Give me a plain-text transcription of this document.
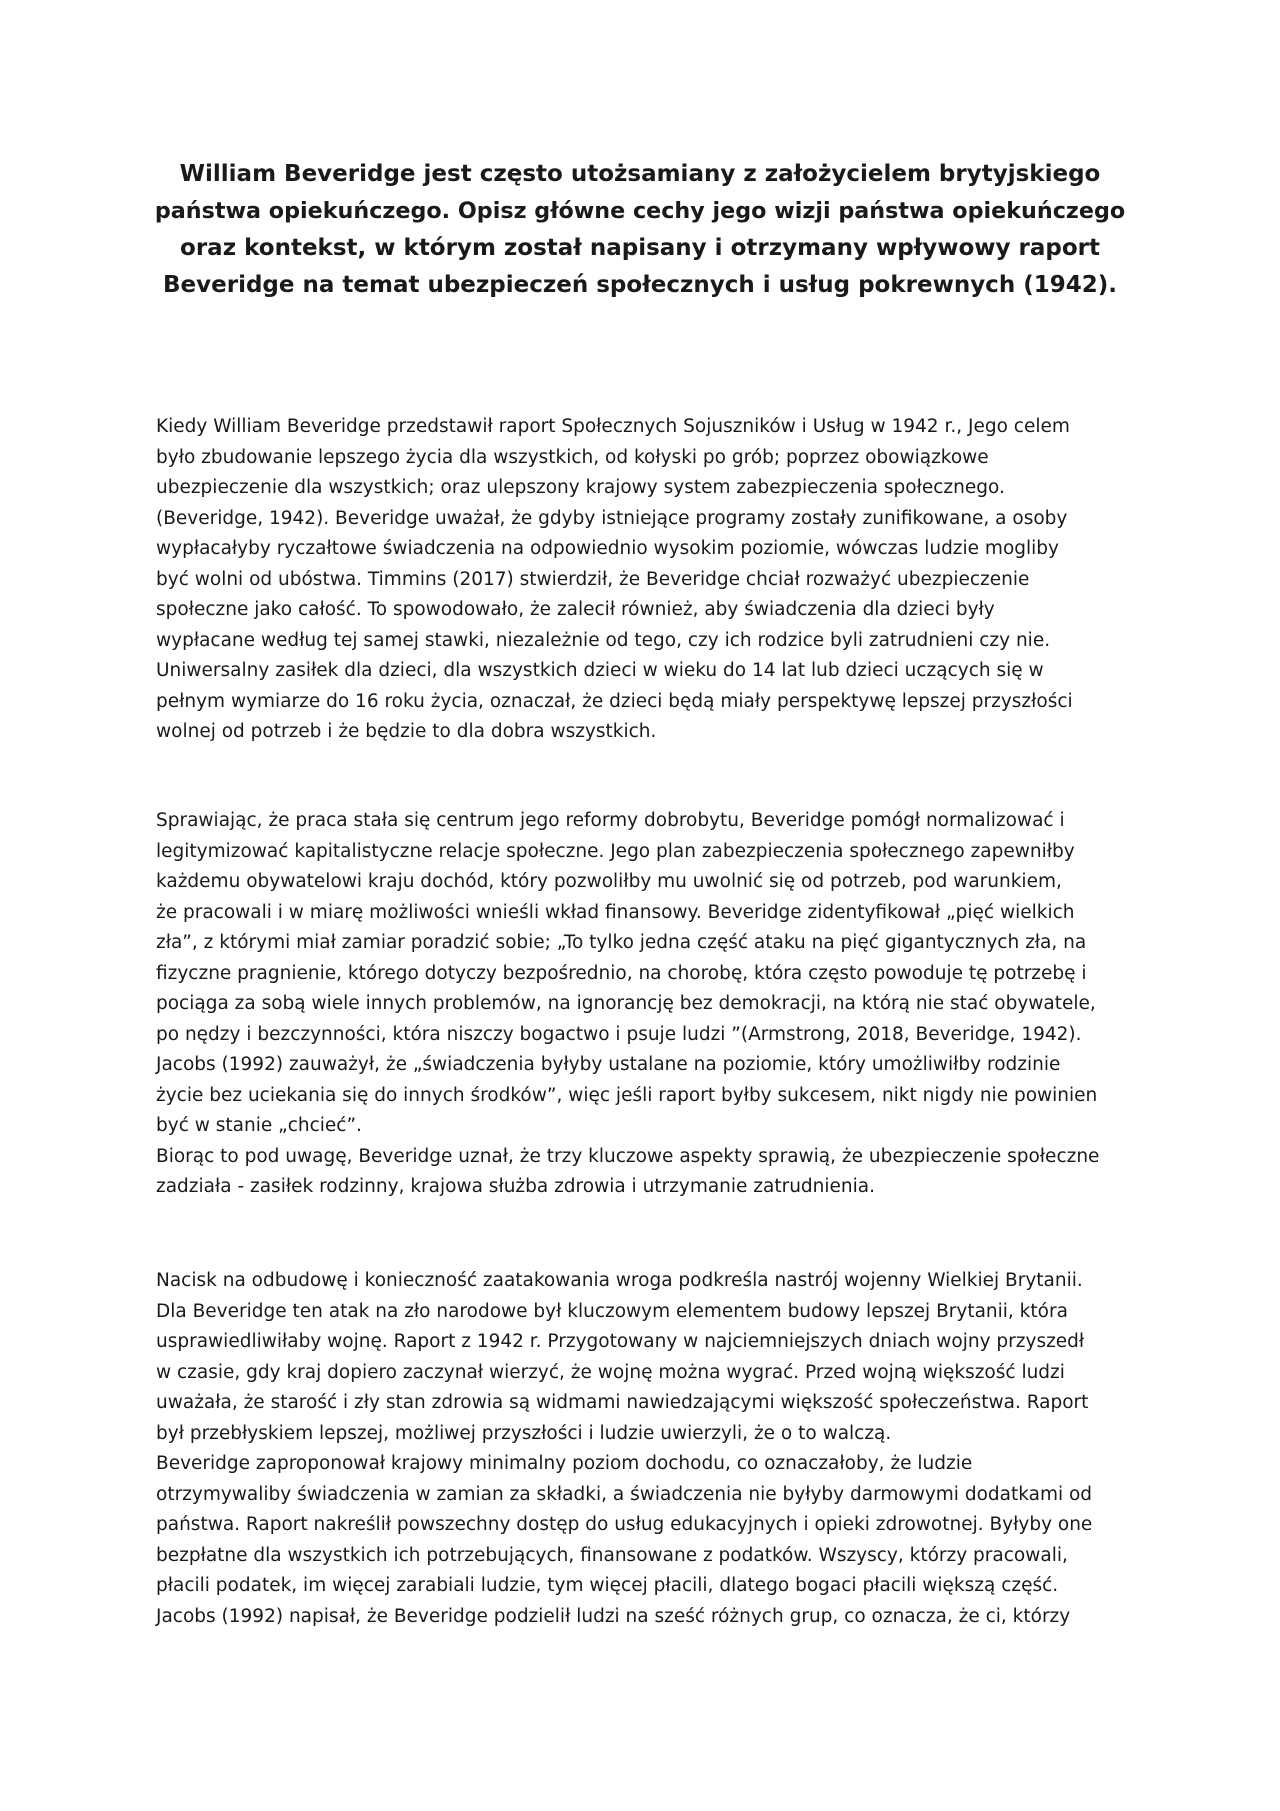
William Beveridge jest często utożsamiany z założycielem brytyjskiego
państwa opiekuńczego. Opisz główne cechy jego wizji państwa opiekuńczego
oraz kontekst, w którym został napisany i otrzymany wpływowy raport
Beveridge na temat ubezpieczeń społecznych i usług pokrewnych (1942).

Kiedy William Beveridge przedstawił raport Społecznych Sojuszników i Usług w 1942 r., Jego celem
było zbudowanie lepszego życia dla wszystkich, od kołyski po grób; poprzez obowiązkowe
ubezpieczenie dla wszystkich; oraz ulepszony krajowy system zabezpieczenia społecznego.
(Beveridge, 1942). Beveridge uważał, że gdyby istniejące programy zostały zunifikowane, a osoby
wypłacałyby ryczałtowe świadczenia na odpowiednio wysokim poziomie, wówczas ludzie mogliby
być wolni od ubóstwa. Timmins (2017) stwierdził, że Beveridge chciał rozważyć ubezpieczenie
społeczne jako całość. To spowodowało, że zalecił również, aby świadczenia dla dzieci były
wypłacane według tej samej stawki, niezależnie od tego, czy ich rodzice byli zatrudnieni czy nie.
Uniwersalny zasiłek dla dzieci, dla wszystkich dzieci w wieku do 14 lat lub dzieci uczących się w
pełnym wymiarze do 16 roku życia, oznaczał, że dzieci będą miały perspektywę lepszej przyszłości
wolnej od potrzeb i że będzie to dla dobra wszystkich.

Sprawiając, że praca stała się centrum jego reformy dobrobytu, Beveridge pomógł normalizować i
legitymizować kapitalistyczne relacje społeczne. Jego plan zabezpieczenia społecznego zapewniłby
każdemu obywatelowi kraju dochód, który pozwoliłby mu uwolnić się od potrzeb, pod warunkiem,
że pracowali i w miarę możliwości wnieśli wkład finansowy. Beveridge zidentyfikował „pięć wielkich
zła”, z którymi miał zamiar poradzić sobie; „To tylko jedna część ataku na pięć gigantycznych zła, na
fizyczne pragnienie, którego dotyczy bezpośrednio, na chorobę, która często powoduje tę potrzebę i
pociąga za sobą wiele innych problemów, na ignorancję bez demokracji, na którą nie stać obywatele,
po nędzy i bezczynności, która niszczy bogactwo i psuje ludzi ”(Armstrong, 2018, Beveridge, 1942).
Jacobs (1992) zauważył, że „świadczenia byłyby ustalane na poziomie, który umożliwiłby rodzinie
życie bez uciekania się do innych środków”, więc jeśli raport byłby sukcesem, nikt nigdy nie powinien
być w stanie „chcieć”.
Biorąc to pod uwagę, Beveridge uznał, że trzy kluczowe aspekty sprawią, że ubezpieczenie społeczne
zadziała - zasiłek rodzinny, krajowa służba zdrowia i utrzymanie zatrudnienia.

Nacisk na odbudowę i konieczność zaatakowania wroga podkreśla nastrój wojenny Wielkiej Brytanii.
Dla Beveridge ten atak na zło narodowe był kluczowym elementem budowy lepszej Brytanii, która
usprawiedliwiłaby wojnę. Raport z 1942 r. Przygotowany w najciemniejszych dniach wojny przyszedł
w czasie, gdy kraj dopiero zaczynał wierzyć, że wojnę można wygrać. Przed wojną większość ludzi
uważała, że starość i zły stan zdrowia są widmami nawiedzającymi większość społeczeństwa. Raport
był przebłyskiem lepszej, możliwej przyszłości i ludzie uwierzyli, że o to walczą.
Beveridge zaproponował krajowy minimalny poziom dochodu, co oznaczałoby, że ludzie
otrzymywaliby świadczenia w zamian za składki, a świadczenia nie byłyby darmowymi dodatkami od
państwa. Raport nakreślił powszechny dostęp do usług edukacyjnych i opieki zdrowotnej. Byłyby one
bezpłatne dla wszystkich ich potrzebujących, finansowane z podatków. Wszyscy, którzy pracowali,
płacili podatek, im więcej zarabiali ludzie, tym więcej płacili, dlatego bogaci płacili większą część.
Jacobs (1992) napisał, że Beveridge podzielił ludzi na sześć różnych grup, co oznacza, że ci, którzy
